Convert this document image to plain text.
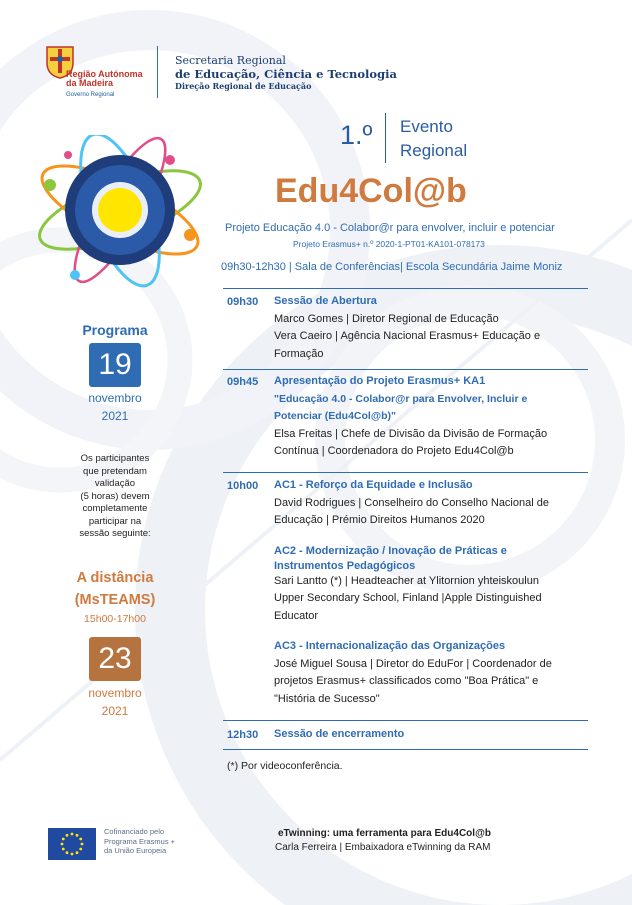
Região Autónoma
da Madeira
Governo Regional
Secretaria Regional
de Educação, Ciência e Tecnologia
Direção Regional de Educação
1.º Evento
Regional
Edu4Col@b
Projeto Educação 4.0 - Colabor@r para envolver, incluir e potenciar
Projeto Erasmus+ n.º 2020-1-PT01-KA101-078173
09h30-12h30 | Sala de Conferências| Escola Secundária Jaime Moniz
Programa
19
novembro
2021
Os participantes
que pretendam
validação
(5 horas) devem
completamente
participar na
sessão seguinte:
A distância
(MsTEAMS)
15h00-17h00
23
novembro
2021
09h30 Sessão de Abertura
Marco Gomes | Diretor Regional de Educação
Vera Caeiro | Agência Nacional Erasmus+ Educação e
Formação
09h45 Apresentação do Projeto Erasmus+ KA1
"Educação 4.0 - Colabor@r para Envolver, Incluir e
Potenciar (Edu4Col@b)"
Elsa Freitas | Chefe de Divisão da Divisão de Formação
Contínua | Coordenadora do Projeto Edu4Col@b
10h00 AC1 - Reforço da Equidade e Inclusão
David Rodrigues | Conselheiro do Conselho Nacional de
Educação | Prémio Direitos Humanos 2020
AC2 - Modernização / Inovação de Práticas e
Instrumentos Pedagógicos
Sari Lantto (*) | Headteacher at Ylitornion yhteiskoulun
Upper Secondary School, Finland |Apple Distinguished
Educator
AC3 - Internacionalização das Organizações
José Miguel Sousa | Diretor do EduFor | Coordenador de
projetos Erasmus+ classificados como "Boa Prática" e
"História de Sucesso"
12h30 Sessão de encerramento
(*) Por videoconferência.
Cofinanciado pelo
Programa Erasmus +
da União Europeia
eTwinning: uma ferramenta para Edu4Col@b
Carla Ferreira | Embaixadora eTwinning da RAM
